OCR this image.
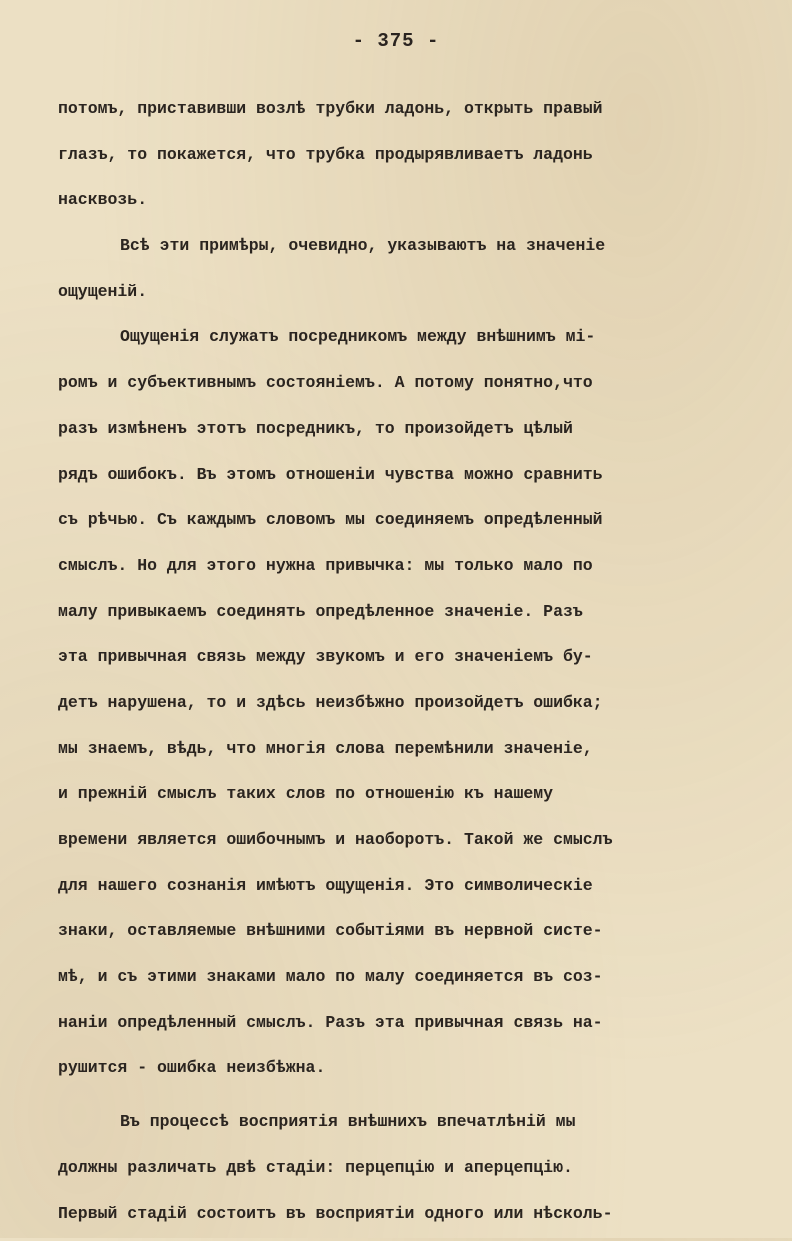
- 375 -
потомъ, приставивши возлѣ трубки ладонь, открыть правый
глазъ, то покажется, что трубка продырявливаетъ ладонь
насквозь.
Всѣ эти примѣры, очевидно, указываютъ на значеніе
ощущеній.
Ощущенія служатъ посредникомъ между внѣшнимъ мі-
ромъ и субъективнымъ состояніемъ. А потому понятно,что
разъ измѣненъ этотъ посредникъ, то произойдетъ цѣлый
рядъ ошибокъ. Въ этомъ отношеніи чувства можно сравнить
съ рѣчью. Съ каждымъ словомъ мы соединяемъ опредѣленный
смыслъ. Но для этого нужна привычка: мы только мало по
малу привыкаемъ соединять опредѣленное значеніе. Разъ
эта привычная связь между звукомъ и его значеніемъ бу-
детъ нарушена, то и здѣсь неизбѣжно произойдетъ ошибка;
мы знаемъ, вѣдь, что многія слова перемѣнили значеніе,
и прежній смыслъ таких слов по отношенію къ нашему
времени является ошибочнымъ и наоборотъ. Такой же смыслъ
для нашего сознанія имѣютъ ощущенія. Это символическіе
знаки, оставляемые внѣшними событіями въ нервной систе-
мѣ, и съ этими знаками мало по малу соединяется въ соз-
наніи опредѣленный смыслъ. Разъ эта привычная связь на-
рушится - ошибка неизбѣжна.
Въ процессѣ восприятія внѣшнихъ впечатлѣній мы
должны различать двѣ стадіи: перцепцію и аперцепцію.
Первый стадій состоитъ въ восприятіи одного или нѣсколь-
